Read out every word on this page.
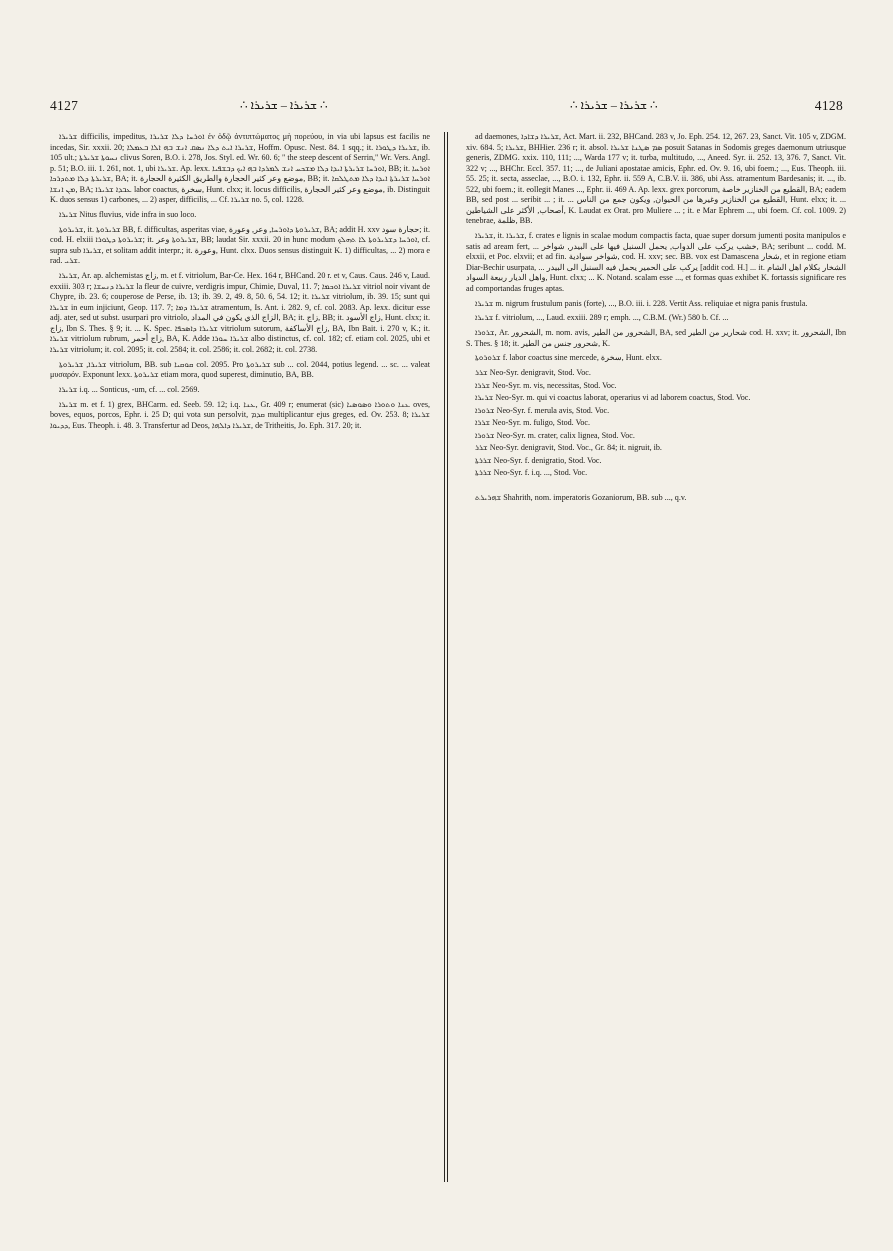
4127	∴ ܫܪܝܪܐ – ܫܪܝܪܐ ∴	∴ ܫܪܝܪܐ – ܫܪܝܪܐ ∴	4128

ܫܪܝܪܐ difficilis, impeditus, ܐܘܪܚܐ ܕܠܐ ܫܪܝܪܐ ἐν ὁδῷ ἀντιπτώματος μὴ πορεύου, in via ubi lapsus est facilis ne incedas, Sir. xxxii. 20; ܫܪܝܪܐ ܐܝܬ ܕܠܐ ܢܣܩ ܐܢܫ ܒܗ ܐܠܐ ܒܥܡܠܐ, Hoffm. Opusc. Nest. 84. 1 sqq.; it. ܫܪܝܪܐ ܕܛܘܪܐ, ib. 105 ult.; ܢܚܘܬܐ ܫܪܝܪܬܐ clivus Soren, B.O. i. 278, Jos. Styl. ed. Wr. 60. 6; " the steep descent of Serrin," Wr. Vers. Angl. p. 51; B.O. iii. 1. 261, not. 1, ubi ܫܪܝܪܐ. Ap. lexx. ܐܘܪܚܐ ܫܪܝܪܬܐ ܐܝܕܐ ܕܠܐ ܡܫܟܚ ܐܢܫ ܠܡܪܕܐ ܒܗ ܐܝܟ ܕܒܫܦܝܐ, BB; it. ܐܘܪܚܐ ܫܪܝܪܬܐ ܕܠܐ ܡܬܕܪܟܐ, BA; it. موضع وعر كثير الحجارة والطريق الكثيرة الحجارة, BB; it. ܐܘܪܚܐ ܫܪܝܪܬܐ ܐܝܕܐ ܕܠܐ ܡܬܛܠܩܐ ܡܢ ܐܢܫܐ, BA; ܥܒܕܐ ܫܪܝܪܐ labor coactus, سخرة, Hunt. clxx; it. locus difficilis, موضع وعر كثير الحجارة, ib. Distinguit K. duos sensus 1) carbones, ... 2) asper, difficilis, ... Cf. ܫܪܝܪܐ no. 5, col. 1228.

ܫܪܝܪܐ Nitus fluvius, vide infra in suo loco.

ܫܪܝܪܘܬܐ, it. ܫܪܝܪܘܬܐ BB, f. difficultas, asperitas viae, ܫܪܝܪܘܬܐ ܕܐܘܪܚܐ, وعر, وعورة, BA; addit H. xxv حجارة سود; it. cod. H. elxiii ܫܪܝܪܘܬܐ ܕܛܘܪܐ; it. ܫܪܝܪܘܬܐ وعر, BB; laudat Sir. xxxii. 20 in hunc modum ܐܘܪܚܐ ܕܫܪܝܪܘܬܐ ܠܐ ܬܗܠܟ, cf. supra sub ܫܪܝܪܐ, et solitam addit interpr.; it. وعورة, Hunt. clxx. Duos sensus distinguit K. 1) difficultas, ... 2) mora e rad. ܫܪܝ.

ܫܪܝܪܐ, Ar. ap. alchemistas زاج, m. et f. vitriolum, Bar-Ce. Hex. 164 r, BHCand. 20 r. et v, Caus. Caus. 246 v, Laud. exxiii. 303 r; ܫܪܝܪܐ ܕܢܚܫܐ la fleur de cuivre, verdigris impur, Chimie, Duval, 11. 7; ܫܪܝܪܐ ܐܘܟܡܐ vitriol noir vivant de Chypre, ib. 23. 6; couperose de Perse, ib. 13; ib. 39. 2, 49. 8, 50. 6, 54. 12; it. ܫܪܝܪܐ vitriolum, ib. 39. 15; sunt qui ܫܪܝܪܐ in eum injiciunt, Geop. 117. 7; ܫܪܝܪܐ ܕܡܐ atramentum, Is. Ant. i. 282. 9, cf. col. 2083. Ap. lexx. dicitur esse adj. ater, sed ut subst. usurpari pro vitriolo, الزاج الذي يكون في المداد, BA; it. زاج, BB; it. زاج الأسود, Hunt. clxx; it. زاج, Ibn S. Thes. § 9; it. ... K. Spec. ܫܪܝܪܐ ܕܐܣܟܦܐ vitriolum sutorum, زاج الأساكفة, BA, Ibn Bait. i. 270 v, K.; it. ܫܪܝܪܐ vitriolum rubrum, زاج أحمر, BA, K. Adde ܫܪܝܪܐ ܚܘܪܐ albo distinctus, cf. col. 182; cf. etiam col. 2025, ubi et ܫܪܝܪܐ vitriolum; it. col. 2095; it. col. 2584; it. col. 2586; it. col. 2682; it. col. 2738.

ܫܪܝܪܐ, ܫܪܝܪܘܬܐ vitriolum, BB. sub ܩܘܩܝܐ col. 2095. Pro ܫܪܝܪܘܬܐ sub ... col. 2044, potius legend. ... sc. ... valeat μυσαρόν. Exponunt lexx. ܫܪܝܪܘܬܐ etiam mora, quod superest, diminutio, BA, BB.

ܫܪܝܪܐ i.q. ... Sonticus, -um, cf. ... col. 2569.

ܫܪܝܪܐ m. et f. 1) grex, BHCarm. ed. Seeb. 59. 12; i.q. ܥܢܐ, Gr. 409 r; enumerat (sic) ܥܢܐ ܘܬܘܪܐ ܘܣܘܣܝܐ oves, boves, equos, porcos, Ephr. i. 25 D; qui vota sun persolvit, ܩܕܡ multiplicantur ejus greges, ed. Ov. 253. 8; ܫܪܝܪܐ ܕܕܝܘܐ, Eus. Theoph. i. 48. 3. Transfertur ad Deos, ܫܪܝܪܐ ܕܐܠܗܐ, de Tritheitis, Jo. Eph. 317. 20; it.

ad daemones, ܫܪܝܪܐ ܕܫܐܕܐ, Act. Mart. ii. 232, BHCand. 283 v, Jo. Eph. 254. 12, 267. 23, Sanct. Vit. 105 v, ZDGM. xiv. 684. 5; ܫܪܝܪܐ, BHHier. 236 r; it. absol. ܣܡ ܣܛܢܐ ܫܪܝܪܐ posuit Satanas in Sodomis greges daemonum utriusque generis, ZDMG. xxix. 110, 111; ..., Warda 177 v; it. turba, multitudo, ..., Aneed. Syr. ii. 252. 13, 376. 7, Sanct. Vit. 322 v; ..., BHChr. Eccl. 357. 11; ..., de Juliani apostatae amicis, Ephr. ed. Ov. 9. 16, ubi foem.; ..., Eus. Theoph. iii. 55. 25; it. secta, asseclae, ..., B.O. i. 132, Ephr. ii. 559 A, C.B.V. ii. 386, ubi Ass. atramentum Bardesanis; it. ..., ib. 522, ubi foem.; it. eollegit Manes ..., Ephr. ii. 469 A. Ap. lexx. grex porcorum, القطيع من الخنازير خاصة, BA; eadem BB, sed post ... seribit ... ; it. ... القطيع من الخنازير وغيرها من الحيوان, ويكون جمع من الناس, Hunt. elxx; it. ... أصحاب, الأكثر على الشياطين, K. Laudat ex Orat. pro Muliere ... ; it. e Mar Ephrem ..., ubi foem. Cf. col. 1009. 2) tenebrae, ظلمة, BB.

ܫܪܝܪܐ, it. ܫܪܝܪܐ, f. crates e lignis in scalae modum compactis facta, quae super dorsum jumenti posita manipulos e satis ad aream fert, ... خشب يركب على الدواب, يحمل السنبل فيها على البيدر, شواخر, BA; seribunt ... codd. M. elxxii, et Poc. elxvii; et ad fin. شواخر سوادية, cod. H. xxv; sec. BB. vox est Damascena شخار, et in regione etiam Diar-Bechir usurpata, ... يركب على الحمير يحمل فيه السنبل الى البيدر [addit cod. H.] ... it. الشخار بكلام اهل الشام واهل الديار ربيعة السواد, Hunt. clxx; ... K. Notand. scalam esse ..., et formas quas exhibet K. fortassis significare res ad comportandas fruges aptas.

ܫܪܝܪܐ m. nigrum frustulum panis (forte), ..., B.O. iii. i. 228. Vertit Ass. reliquiae et nigra panis frustula.

ܫܪܝܪܐ f. vitriolum, ..., Laud. exxiii. 289 r; emph. ..., C.B.M. (Wr.) 580 b. Cf. ...

ܫܪܘܪܐ, Ar. الشحرور, m. nom. avis, الشحرور من الطير, BA, sed شحارير من الطير cod. H. xxv; it. الشحرور, Ibn S. Thes. § 18; it. شحرور جنس من الطير, K.

ܫܪܘܪܘܬܐ f. labor coactus sine mercede, سخرة, Hunt. elxx.

ܫܪܪ Neo-Syr. denigravit, Stod. Voc.

ܫܪܪܐ Neo-Syr. m. vis, necessitas, Stod. Voc.

ܫܪܝܪܐ Neo-Syr. m. qui vi coactus laborat, operarius vi ad laborem coactus, Stod. Voc.

ܫܪܘܪܐ Neo-Syr. f. merula avis, Stod. Voc.

ܫܪܪܐ Neo-Syr. m. fuligo, Stod. Voc.

ܫܪܘܪܐ Neo-Syr. m. crater, calix lignea, Stod. Voc.

ܫܪܪ Neo-Syr. denigravit, Stod. Voc., Gr. 84; it. nigruit, ib.

ܫܪܪܬܐ Neo-Syr. f. denigratio, Stod. Voc.

ܫܪܪܬܐ Neo-Syr. f. i.q. ..., Stod. Voc.

ܫܗܪܝܪܬ Shahrith, nom. imperatoris Gozaniorum, BB. sub ..., q.v.
